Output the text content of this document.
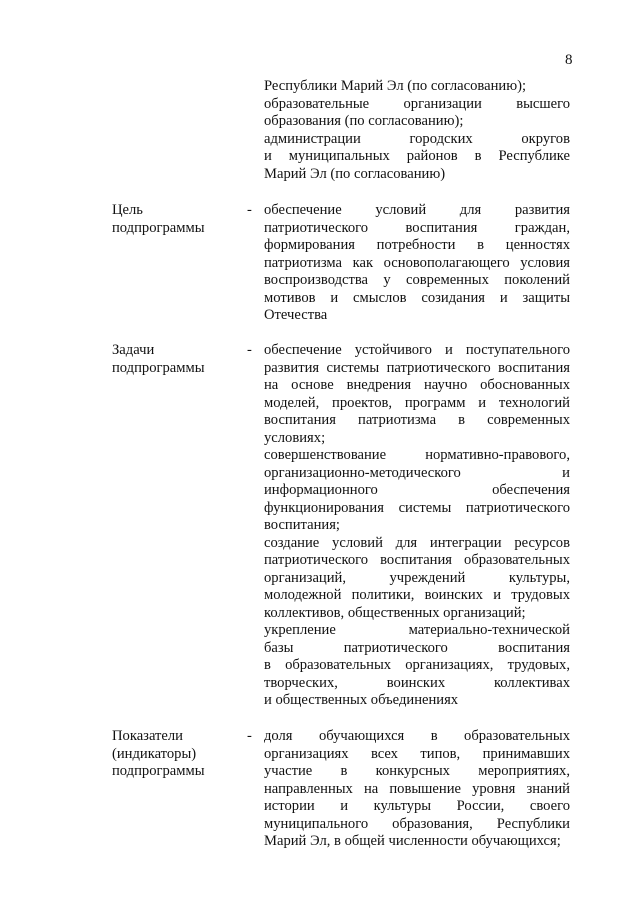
8
Республики Марий Эл (по согласованию);
образовательные организации высшего
образования (по согласованию);
администрации городских округов
и муниципальных районов в Республике
Марий Эл (по согласованию)
Цель
подпрограммы
- обеспечение условий для развития
патриотического воспитания граждан,
формирования потребности в ценностях
патриотизма как основополагающего условия
воспроизводства у современных поколений
мотивов и смыслов созидания и защиты
Отечества
Задачи
подпрограммы
- обеспечение устойчивого и поступательного
развития системы патриотического воспитания
на основе внедрения научно обоснованных
моделей, проектов, программ и технологий
воспитания патриотизма в современных
условиях;
совершенствование нормативно-правового,
организационно-методического и
информационного обеспечения
функционирования системы патриотического
воспитания;
создание условий для интеграции ресурсов
патриотического воспитания образовательных
организаций, учреждений культуры,
молодежной политики, воинских и трудовых
коллективов, общественных организаций;
укрепление материально-технической
базы патриотического воспитания
в образовательных организациях, трудовых,
творческих, воинских коллективах
и общественных объединениях
Показатели
(индикаторы)
подпрограммы
- доля обучающихся в образовательных
организациях всех типов, принимавших
участие в конкурсных мероприятиях,
направленных на повышение уровня знаний
истории и культуры России, своего
муниципального образования, Республики
Марий Эл, в общей численности обучающихся;
